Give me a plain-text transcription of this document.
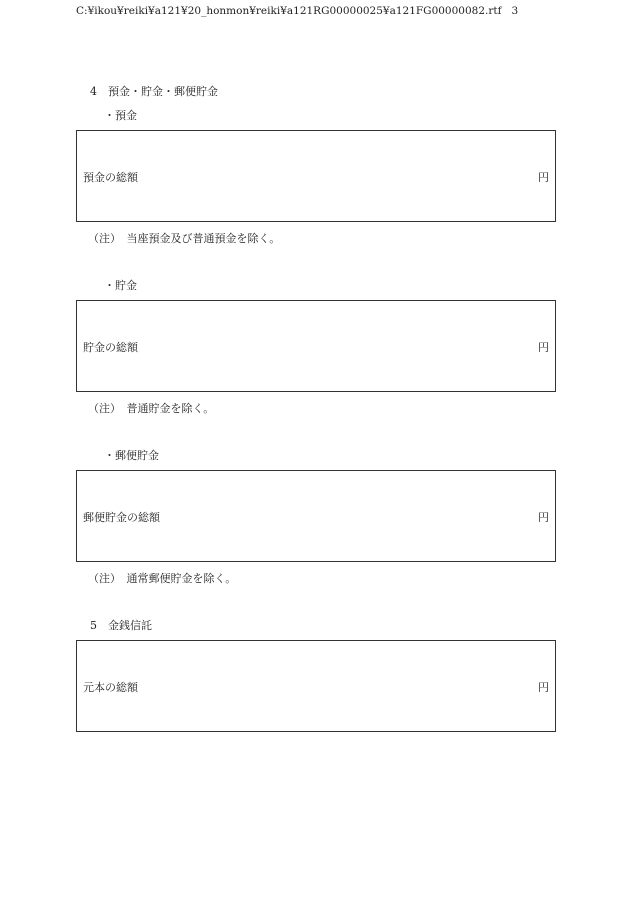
C:¥ikou¥reiki¥a121¥20_honmon¥reiki¥a121RG00000025¥a121FG00000082.rtf 3
4　預金・貯金・郵便貯金
・預金
預金の総額	円
（注）　当座預金及び普通預金を除く。
・貯金
貯金の総額	円
（注）　普通貯金を除く。
・郵便貯金
郵便貯金の総額	円
（注）　通常郵便貯金を除く。
5　金銭信託
元本の総額	円
